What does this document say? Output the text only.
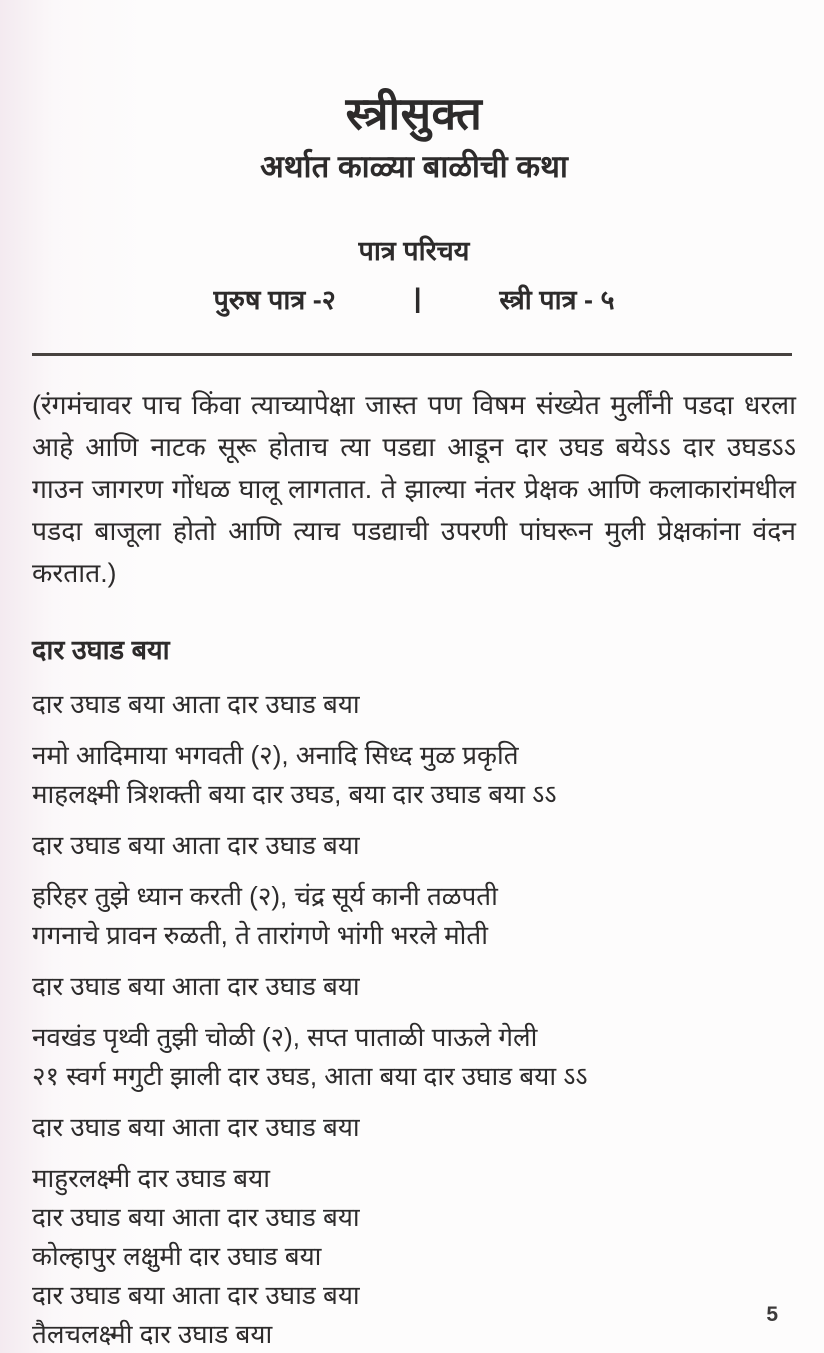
स्त्रीसुक्त
अर्थात काळ्या बाळीची कथा
पात्र परिचय
पुरुष पात्र -२	|	स्त्री पात्र - ५
(रंगमंचावर पाच किंवा त्याच्यापेक्षा जास्त पण विषम संख्येत मुर्लींनी पडदा धरला आहे आणि नाटक सूरू होताच त्या पडद्या आडून दार उघड बयेऽऽ दार उघडऽऽ गाउन जागरण गोंधळ घालू लागतात. ते झाल्या नंतर प्रेक्षक आणि कलाकारांमधील पडदा बाजूला होतो आणि त्याच पडद्याची उपरणी पांघरून मुली प्रेक्षकांना वंदन करतात.)
दार उघाड बया
दार उघाड बया आता दार उघाड बया
नमो आदिमाया भगवती (२), अनादि सिध्द मुळ प्रकृति
माहलक्ष्मी त्रिशक्ती बया दार उघड, बया दार उघाड बया ऽऽ
दार उघाड बया आता दार उघाड बया
हरिहर तुझे ध्यान करती (२), चंद्र सूर्य कानी तळपती
गगनाचे प्रावन रुळती, ते तारांगणे भांगी भरले मोती
दार उघाड बया आता दार उघाड बया
नवखंड पृथ्वी तुझी चोळी (२), सप्त पाताळी पाऊले गेली
२१ स्वर्ग मगुटी झाली दार उघड, आता बया दार उघाड बया ऽऽ
दार उघाड बया आता दार उघाड बया
माहुरलक्ष्मी दार उघाड बया
दार उघाड बया आता दार उघाड बया
कोल्हापुर लक्षुमी दार उघाड बया
दार उघाड बया आता दार उघाड बया
तैलचलक्ष्मी दार उघाड बया
5
